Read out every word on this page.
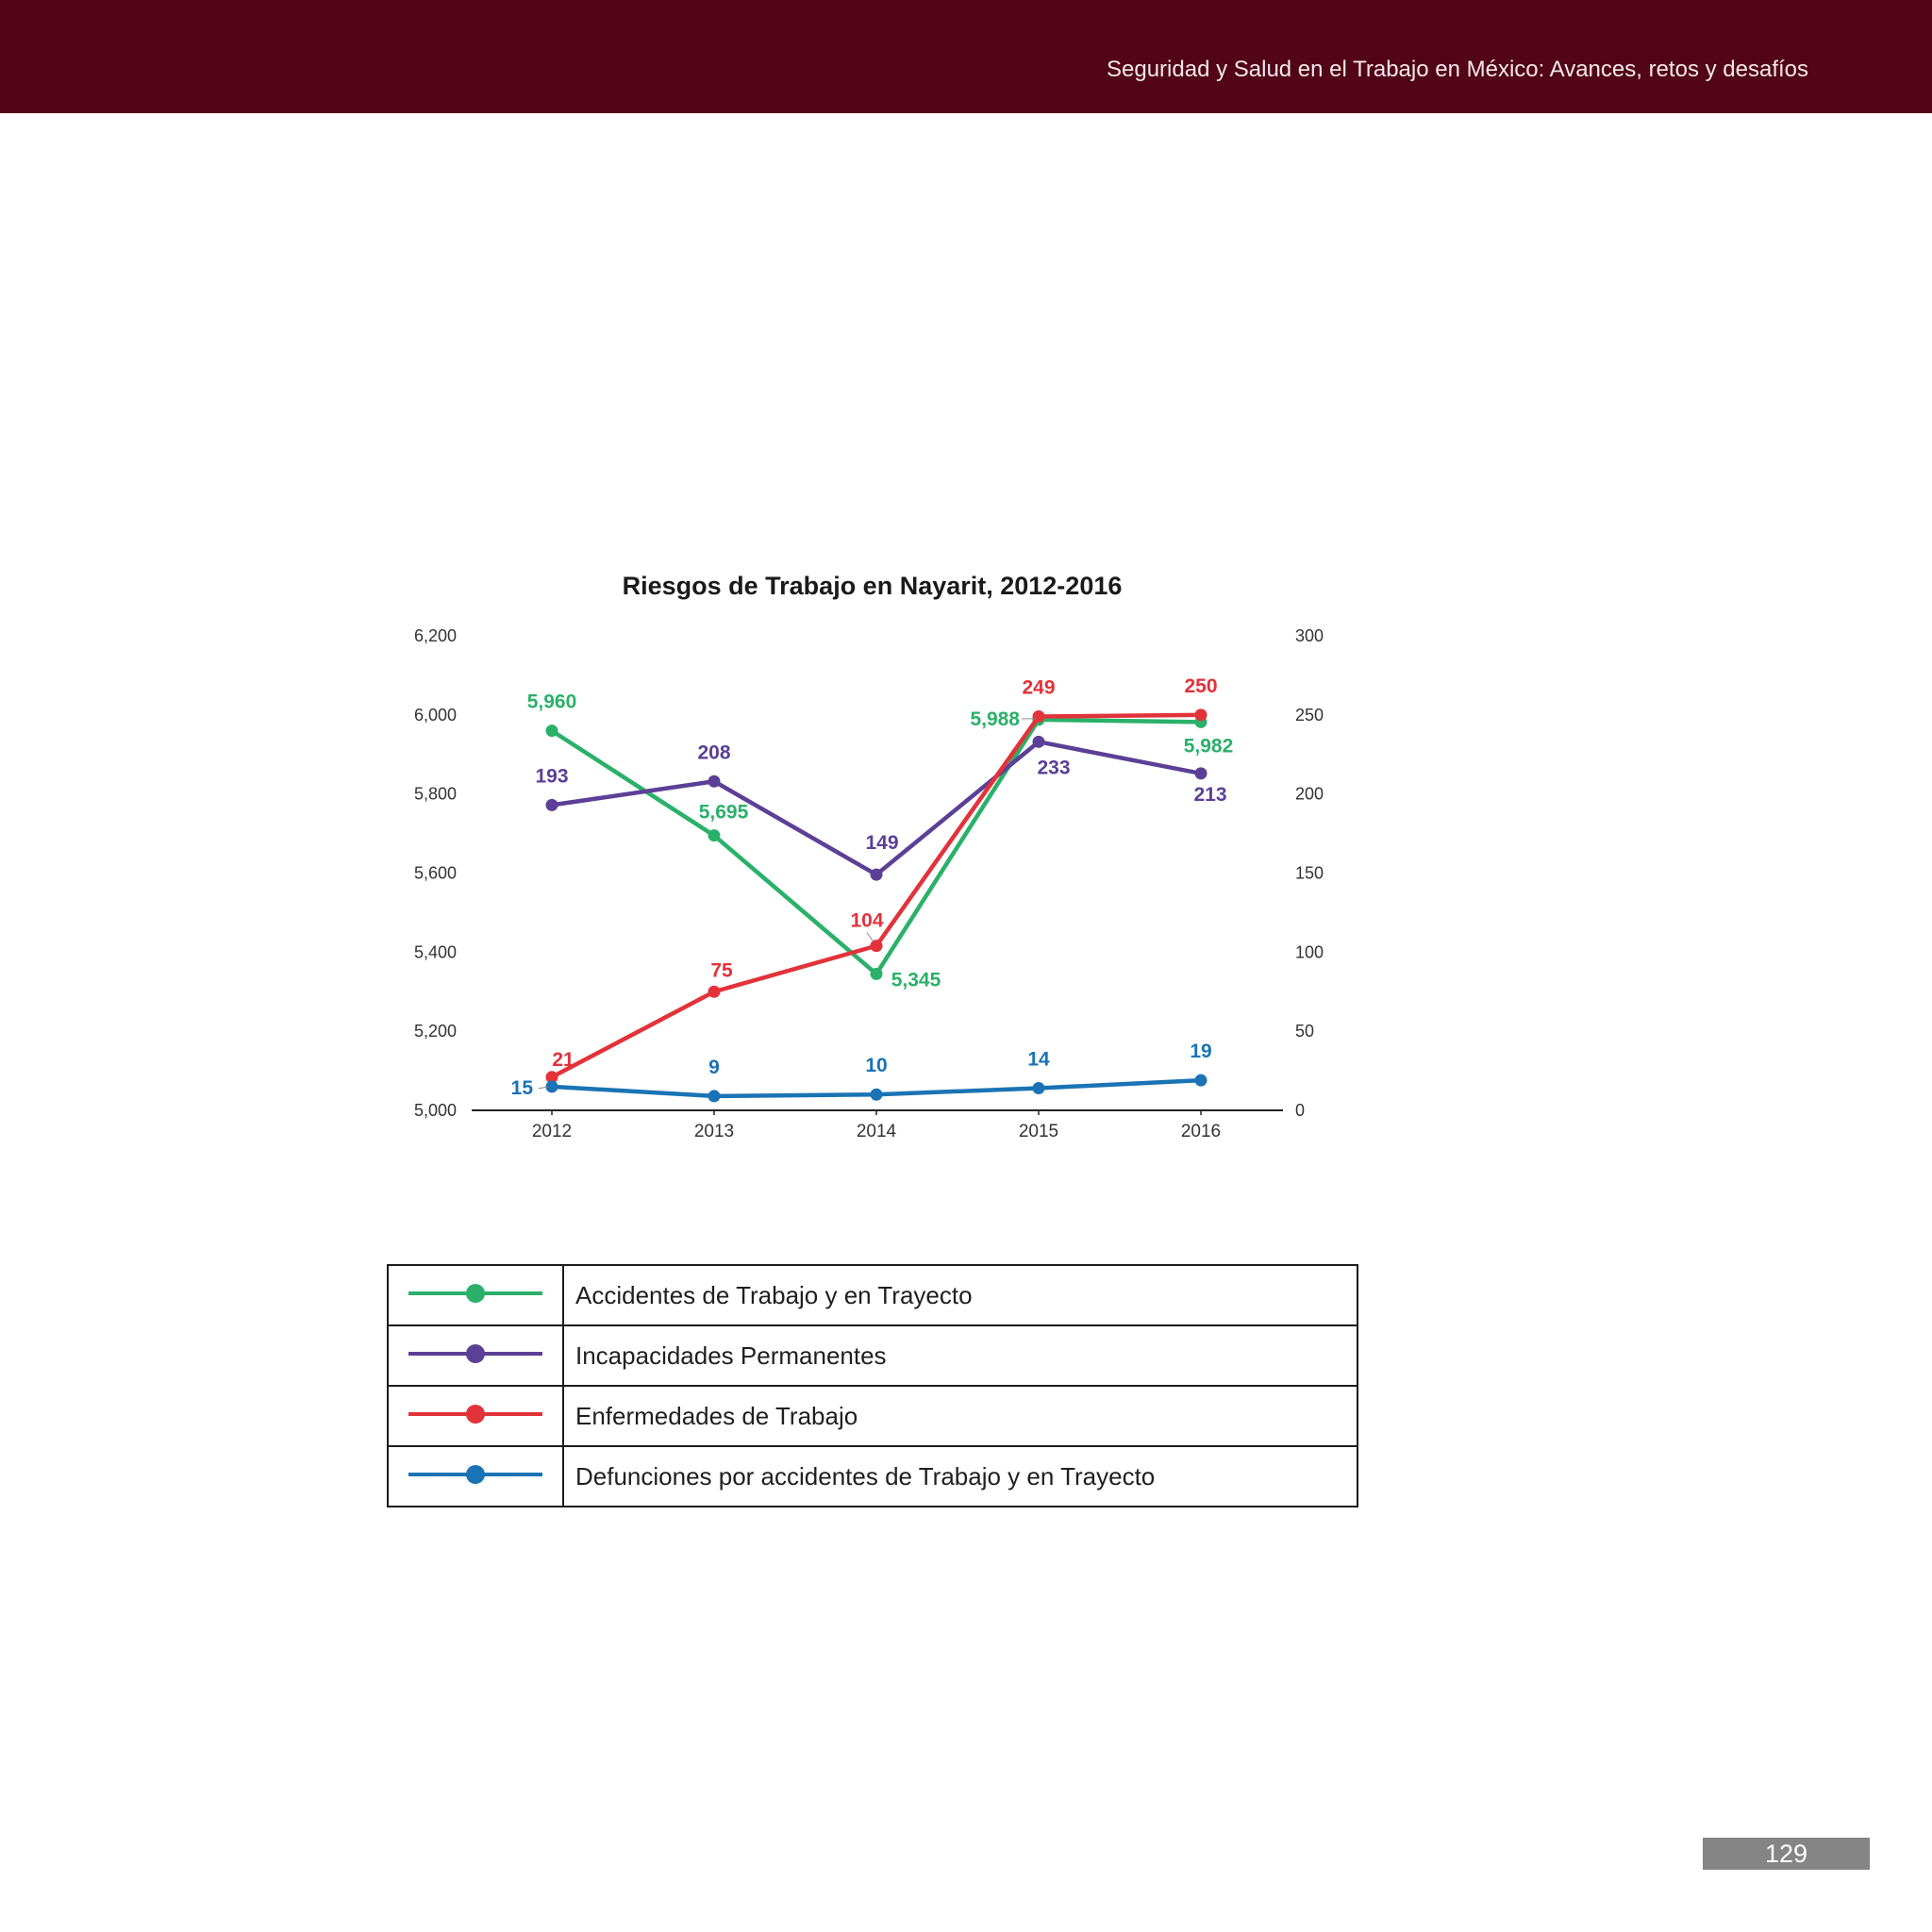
Seguridad y Salud en el Trabajo en México: Avances, retos y desafíos
Riesgos de Trabajo en Nayarit, 2012-2016
2012	2013	2014	2015	2016
5,000	0
5,200	50
5,400	100
5,600	150
5,800	200
6,000	250
6,200	300
5,960
5,695
5,345
5,988
5,982
193
208
149
233
213
21
75
104
249	250
15
9	10	14	19
	Accidentes de Trabajo y en Trayecto
	Incapacidades Permanentes
	Enfermedades de Trabajo
	Defunciones por accidentes de Trabajo y en Trayecto
129
